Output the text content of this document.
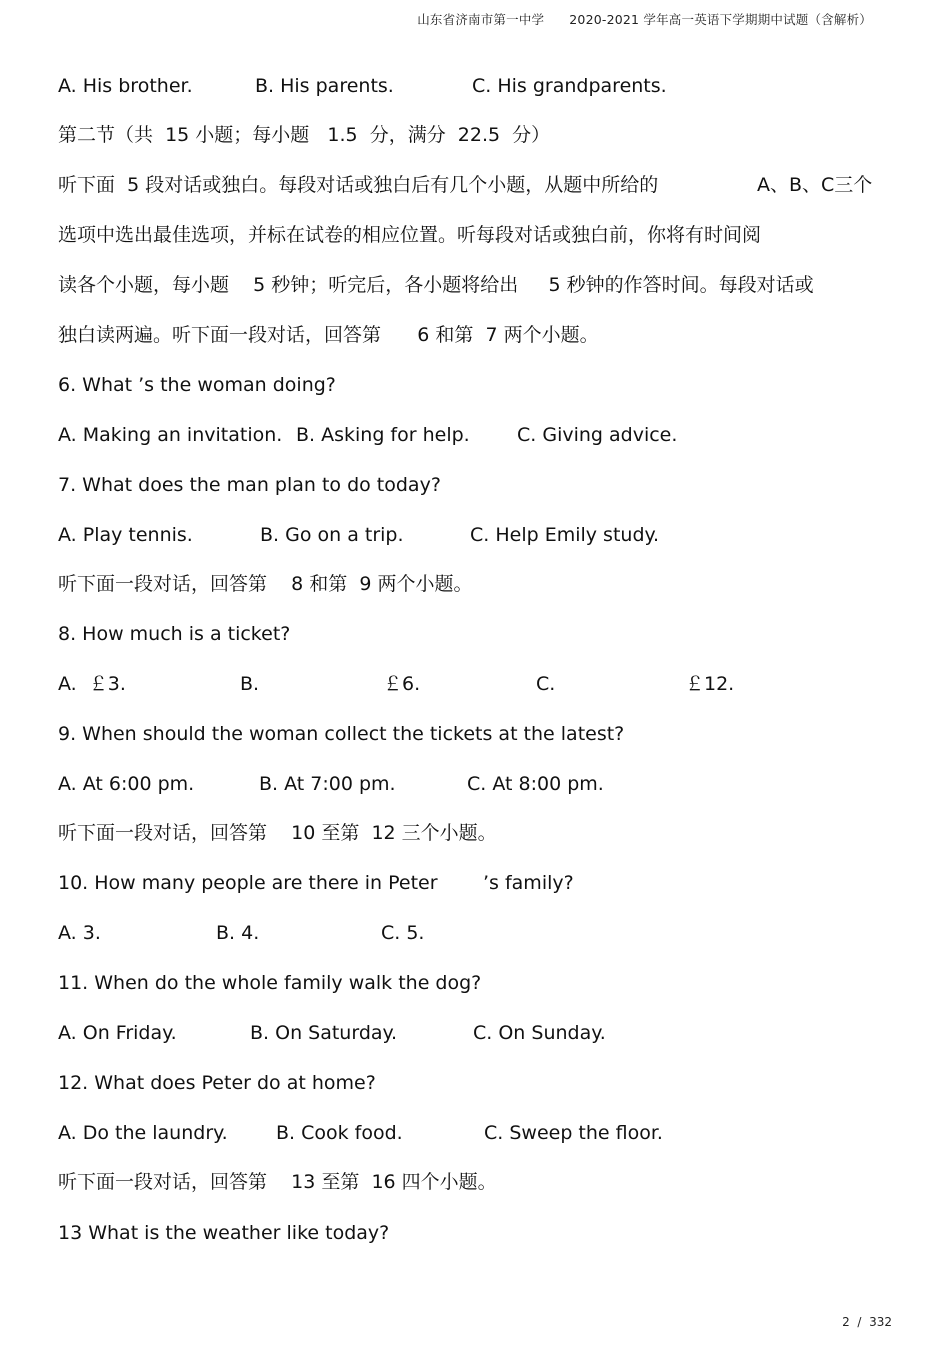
山东省济南市第一中学 2020-2021 学年高一英语下学期期中试题（含解析）
A. His brother.	B. His parents.	C. His grandparents.
第二节（共  15 小题；每小题   1.5  分，满分  22.5  分）
听下面  5 段对话或独白。每段对话或独白后有几个小题，从题中所给的	A、B、C三个
选项中选出最佳选项，并标在试卷的相应位置。听每段对话或独白前，你将有时间阅
读各个小题，每小题    5 秒钟；听完后，各小题将给出     5 秒钟的作答时间。每段对话或
独白读两遍。听下面一段对话，回答第      6 和第  7 两个小题。
6. What ’s the woman doing?
A. Making an invitation. B. Asking for help. C. Giving advice.
7. What does the man plan to do today?
A. Play tennis.	B. Go on a trip.	C. Help Emily study.
听下面一段对话，回答第    8 和第  9 两个小题。
8. How much is a ticket?
A.  ￡3.	B.	￡6.	C.	￡12.
9. When should the woman collect the tickets at the latest?
A. At 6:00 pm.	B. At 7:00 pm.	C. At 8:00 pm.
听下面一段对话，回答第    10 至第  12 三个小题。
10. How many people are there in Peter ’s family?
A. 3.	B. 4.	C. 5.
11. When do the whole family walk the dog?
A. On Friday.	B. On Saturday.	C. On Sunday.
12. What does Peter do at home?
A. Do the laundry.	B. Cook food.	C. Sweep the floor.
听下面一段对话，回答第    13 至第  16 四个小题。
13 What is the weather like today?
2  /  332
